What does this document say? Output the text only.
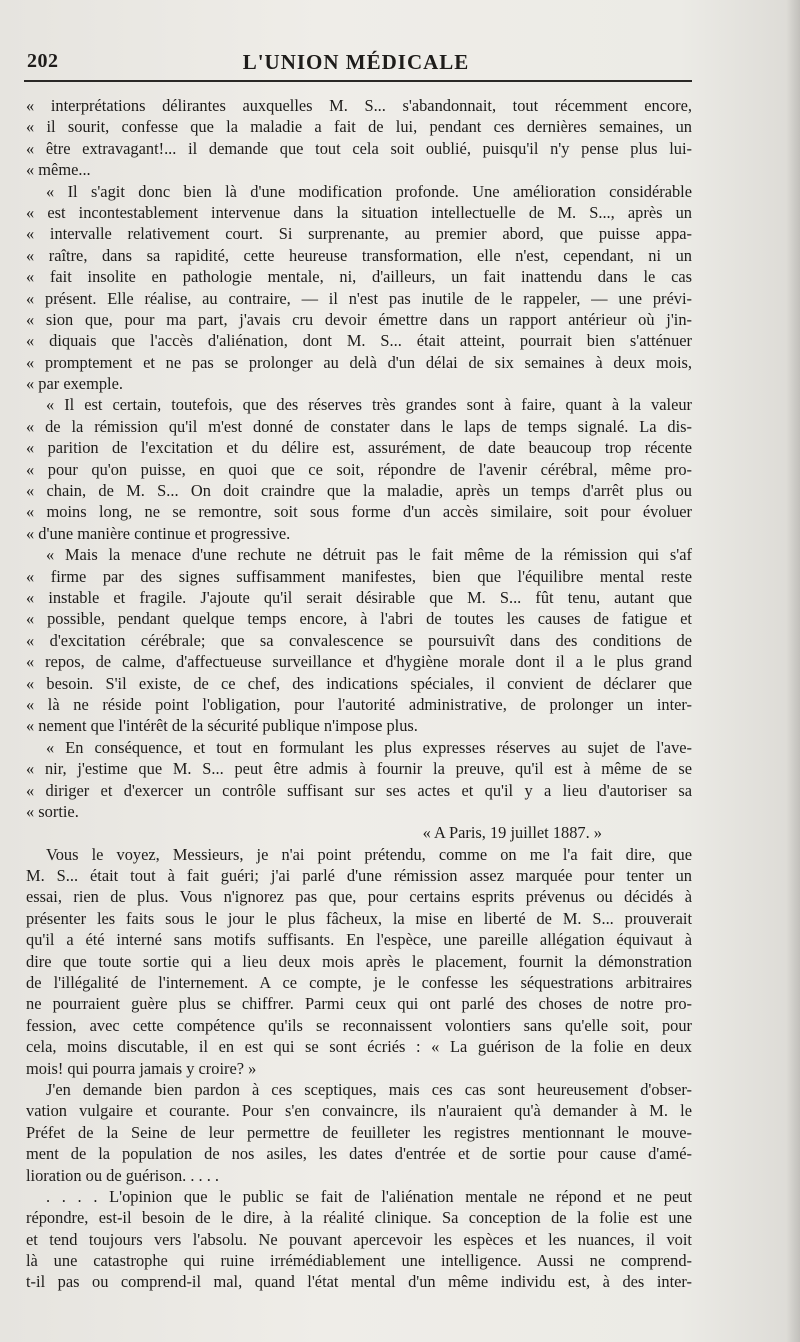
202	L'UNION MÉDICALE
« interprétations délirantes auxquelles M. S... s'abandonnait, tout récemment encore,
« il sourit, confesse que la maladie a fait de lui, pendant ces dernières semaines, un
« être extravagant!... il demande que tout cela soit oublié, puisqu'il n'y pense plus lui-
« même...
« Il s'agit donc bien là d'une modification profonde. Une amélioration considérable
« est incontestablement intervenue dans la situation intellectuelle de M. S..., après un
« intervalle relativement court. Si surprenante, au premier abord, que puisse appa-
« raître, dans sa rapidité, cette heureuse transformation, elle n'est, cependant, ni un
« fait insolite en pathologie mentale, ni, d'ailleurs, un fait inattendu dans le cas
« présent. Elle réalise, au contraire, — il n'est pas inutile de le rappeler, — une prévi-
« sion que, pour ma part, j'avais cru devoir émettre dans un rapport antérieur où j'in-
« diquais que l'accès d'aliénation, dont M. S... était atteint, pourrait bien s'atténuer
« promptement et ne pas se prolonger au delà d'un délai de six semaines à deux mois,
« par exemple.
« Il est certain, toutefois, que des réserves très grandes sont à faire, quant à la valeur
« de la rémission qu'il m'est donné de constater dans le laps de temps signalé. La dis-
« parition de l'excitation et du délire est, assurément, de date beaucoup trop récente
« pour qu'on puisse, en quoi que ce soit, répondre de l'avenir cérébral, même pro-
« chain, de M. S... On doit craindre que la maladie, après un temps d'arrêt plus ou
« moins long, ne se remontre, soit sous forme d'un accès similaire, soit pour évoluer
« d'une manière continue et progressive.
« Mais la menace d'une rechute ne détruit pas le fait même de la rémission qui s'af
« firme par des signes suffisamment manifestes, bien que l'équilibre mental reste
« instable et fragile. J'ajoute qu'il serait désirable que M. S... fût tenu, autant que
« possible, pendant quelque temps encore, à l'abri de toutes les causes de fatigue et
« d'excitation cérébrale; que sa convalescence se poursuivît dans des conditions de
« repos, de calme, d'affectueuse surveillance et d'hygiène morale dont il a le plus grand
« besoin. S'il existe, de ce chef, des indications spéciales, il convient de déclarer que
« là ne réside point l'obligation, pour l'autorité administrative, de prolonger un inter-
« nement que l'intérêt de la sécurité publique n'impose plus.
« En conséquence, et tout en formulant les plus expresses réserves au sujet de l'ave-
« nir, j'estime que M. S... peut être admis à fournir la preuve, qu'il est à même de se
« diriger et d'exercer un contrôle suffisant sur ses actes et qu'il y a lieu d'autoriser sa
« sortie.
« A Paris, 19 juillet 1887. »
Vous le voyez, Messieurs, je n'ai point prétendu, comme on me l'a fait dire, que
M. S... était tout à fait guéri; j'ai parlé d'une rémission assez marquée pour tenter un
essai, rien de plus. Vous n'ignorez pas que, pour certains esprits prévenus ou décidés à
présenter les faits sous le jour le plus fâcheux, la mise en liberté de M. S... prouverait
qu'il a été interné sans motifs suffisants. En l'espèce, une pareille allégation équivaut à
dire que toute sortie qui a lieu deux mois après le placement, fournit la démonstration
de l'illégalité de l'internement. A ce compte, je le confesse les séquestrations arbitraires
ne pourraient guère plus se chiffrer. Parmi ceux qui ont parlé des choses de notre pro-
fession, avec cette compétence qu'ils se reconnaissent volontiers sans qu'elle soit, pour
cela, moins discutable, il en est qui se sont écriés : « La guérison de la folie en deux
mois! qui pourra jamais y croire? »
J'en demande bien pardon à ces sceptiques, mais ces cas sont heureusement d'obser-
vation vulgaire et courante. Pour s'en convaincre, ils n'auraient qu'à demander à M. le
Préfet de la Seine de leur permettre de feuilleter les registres mentionnant le mouve-
ment de la population de nos asiles, les dates d'entrée et de sortie pour cause d'amé-
lioration ou de guérison. . . . .
. . . . L'opinion que le public se fait de l'aliénation mentale ne répond et ne peut
répondre, est-il besoin de le dire, à la réalité clinique. Sa conception de la folie est une
et tend toujours vers l'absolu. Ne pouvant apercevoir les espèces et les nuances, il voit
là une catastrophe qui ruine irrémédiablement une intelligence. Aussi ne comprend-
t-il pas ou comprend-il mal, quand l'état mental d'un même individu est, à des inter-
